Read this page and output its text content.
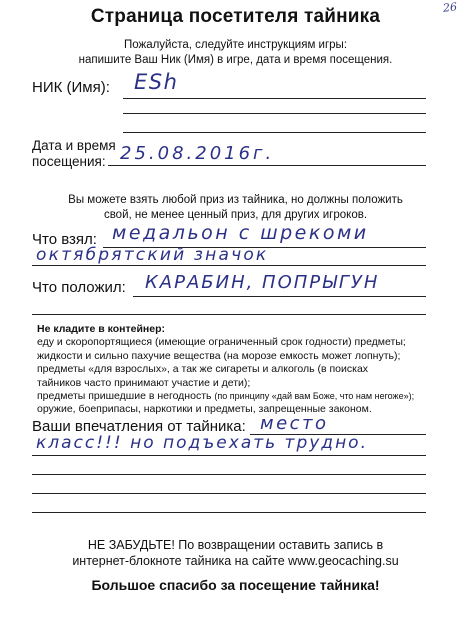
Страница посетителя тайника	26
Пожалуйста, следуйте инструкциям игры:
напишите Ваш Ник (Имя) в игре, дата и время посещения.
НИК (Имя): ESh
Дата и время
посещения: 25.08.2016г.
Вы можете взять любой приз из тайника, но должны положить
свой, не менее ценный приз, для других игроков.
Что взял: медальон с шрекоми
октябрятский значок
Что положил: КАРАБИН, ПОПРЫГУН
Не кладите в контейнер:
еду и скоропортящиеся (имеющие ограниченный срок годности) предметы;
жидкости и сильно пахучие вещества (на морозе емкость может лопнуть);
предметы «для взрослых», а так же сигареты и алкоголь (в поисках
тайников часто принимают участие и дети);
предметы пришедшие в негодность (по принципу «дай вам Боже, что нам негоже»);
оружие, боеприпасы, наркотики и предметы, запрещенные законом.
Ваши впечатления от тайника: место
класс!!! но подъехать трудно.
НЕ ЗАБУДЬТЕ! По возвращении оставить запись в
интернет-блокноте тайника на сайте www.geocaching.su
Большое спасибо за посещение тайника!
